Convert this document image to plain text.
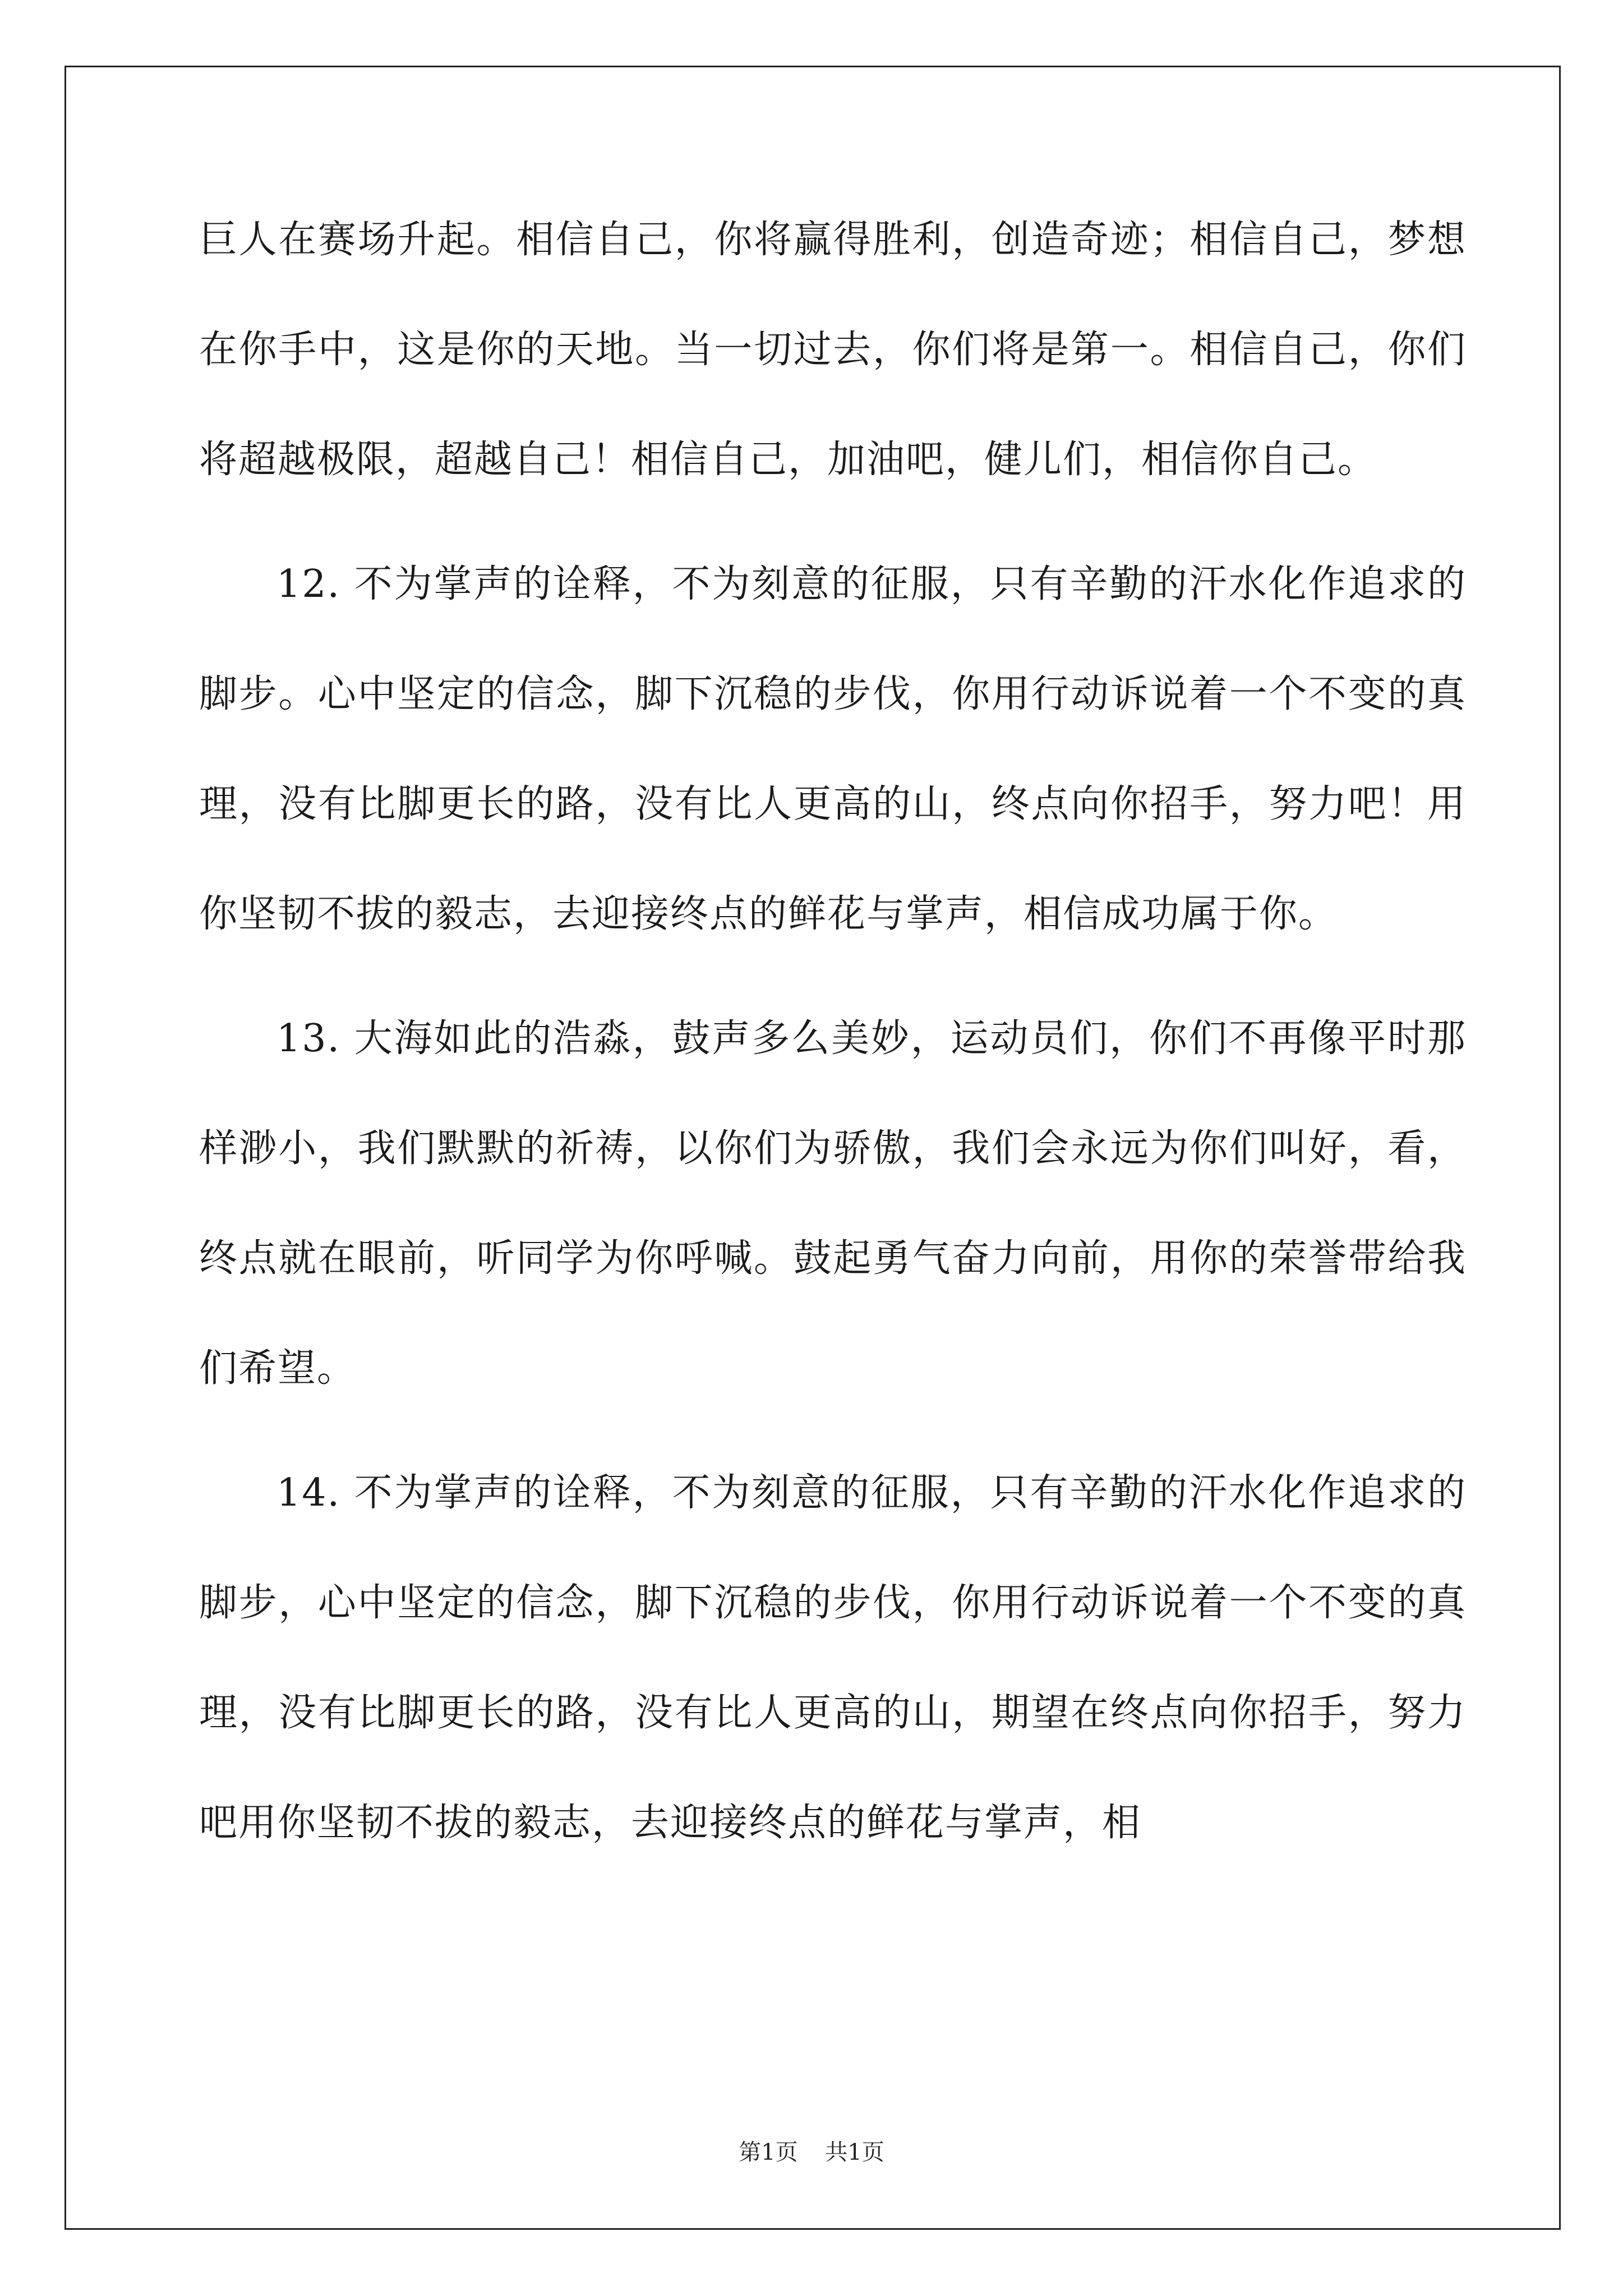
巨人在赛场升起。相信自己，你将赢得胜利，创造奇迹；相信自己，梦想在你手中，这是你的天地。当一切过去，你们将是第一。相信自己，你们将超越极限，超越自己！相信自己，加油吧，健儿们，相信你自己。

12. 不为掌声的诠释，不为刻意的征服，只有辛勤的汗水化作追求的脚步。心中坚定的信念，脚下沉稳的步伐，你用行动诉说着一个不变的真理，没有比脚更长的路，没有比人更高的山，终点向你招手，努力吧！用你坚韧不拔的毅志，去迎接终点的鲜花与掌声，相信成功属于你。

13. 大海如此的浩淼，鼓声多么美妙，运动员们，你们不再像平时那样渺小，我们默默的祈祷，以你们为骄傲，我们会永远为你们叫好，看，终点就在眼前，听同学为你呼喊。鼓起勇气奋力向前，用你的荣誉带给我们希望。

14. 不为掌声的诠释，不为刻意的征服，只有辛勤的汗水化作追求的脚步，心中坚定的信念，脚下沉稳的步伐，你用行动诉说着一个不变的真理，没有比脚更长的路，没有比人更高的山，期望在终点向你招手，努力吧用你坚韧不拔的毅志，去迎接终点的鲜花与掌声，相

第1页 共1页
